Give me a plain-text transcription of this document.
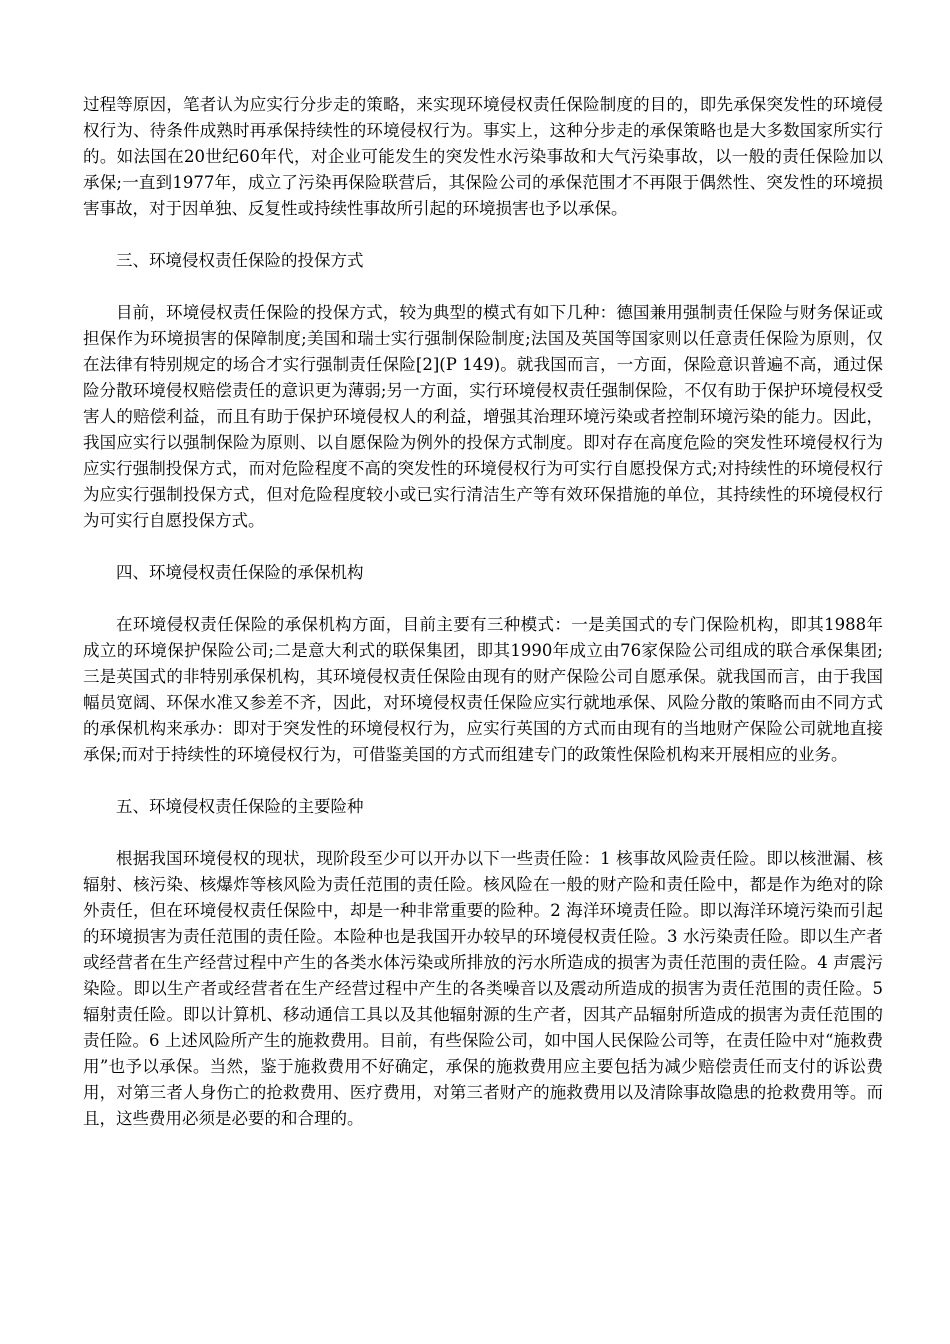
过程等原因，笔者认为应实行分步走的策略，来实现环境侵权责任保险制度的目的，即先承保突发性的环境侵权行为、待条件成熟时再承保持续性的环境侵权行为。事实上，这种分步走的承保策略也是大多数国家所实行的。如法国在20世纪60年代，对企业可能发生的突发性水污染事故和大气污染事故，以一般的责任保险加以承保;一直到1977年，成立了污染再保险联营后，其保险公司的承保范围才不再限于偶然性、突发性的环境损害事故，对于因单独、反复性或持续性事故所引起的环境损害也予以承保。

三、环境侵权责任保险的投保方式

目前，环境侵权责任保险的投保方式，较为典型的模式有如下几种：德国兼用强制责任保险与财务保证或担保作为环境损害的保障制度;美国和瑞士实行强制保险制度;法国及英国等国家则以任意责任保险为原则，仅在法律有特别规定的场合才实行强制责任保险[2](P 149)。就我国而言，一方面，保险意识普遍不高，通过保险分散环境侵权赔偿责任的意识更为薄弱;另一方面，实行环境侵权责任强制保险，不仅有助于保护环境侵权受害人的赔偿利益，而且有助于保护环境侵权人的利益，增强其治理环境污染或者控制环境污染的能力。因此，我国应实行以强制保险为原则、以自愿保险为例外的投保方式制度。即对存在高度危险的突发性环境侵权行为应实行强制投保方式，而对危险程度不高的突发性的环境侵权行为可实行自愿投保方式;对持续性的环境侵权行为应实行强制投保方式，但对危险程度较小或已实行清洁生产等有效环保措施的单位，其持续性的环境侵权行为可实行自愿投保方式。

四、环境侵权责任保险的承保机构

在环境侵权责任保险的承保机构方面，目前主要有三种模式：一是美国式的专门保险机构，即其1988年成立的环境保护保险公司;二是意大利式的联保集团，即其1990年成立由76家保险公司组成的联合承保集团;三是英国式的非特别承保机构，其环境侵权责任保险由现有的财产保险公司自愿承保。就我国而言，由于我国幅员宽阔、环保水准又参差不齐，因此，对环境侵权责任保险应实行就地承保、风险分散的策略而由不同方式的承保机构来承办：即对于突发性的环境侵权行为，应实行英国的方式而由现有的当地财产保险公司就地直接承保;而对于持续性的环境侵权行为，可借鉴美国的方式而组建专门的政策性保险机构来开展相应的业务。

五、环境侵权责任保险的主要险种

根据我国环境侵权的现状，现阶段至少可以开办以下一些责任险：1 核事故风险责任险。即以核泄漏、核辐射、核污染、核爆炸等核风险为责任范围的责任险。核风险在一般的财产险和责任险中，都是作为绝对的除外责任，但在环境侵权责任保险中，却是一种非常重要的险种。2 海洋环境责任险。即以海洋环境污染而引起的环境损害为责任范围的责任险。本险种也是我国开办较早的环境侵权责任险。3 水污染责任险。即以生产者或经营者在生产经营过程中产生的各类水体污染或所排放的污水所造成的损害为责任范围的责任险。4 声震污染险。即以生产者或经营者在生产经营过程中产生的各类噪音以及震动所造成的损害为责任范围的责任险。5 辐射责任险。即以计算机、移动通信工具以及其他辐射源的生产者，因其产品辐射所造成的损害为责任范围的责任险。6 上述风险所产生的施救费用。目前，有些保险公司，如中国人民保险公司等，在责任险中对“施救费用”也予以承保。当然，鉴于施救费用不好确定，承保的施救费用应主要包括为减少赔偿责任而支付的诉讼费用，对第三者人身伤亡的抢救费用、医疗费用，对第三者财产的施救费用以及清除事故隐患的抢救费用等。而且，这些费用必须是必要的和合理的。
